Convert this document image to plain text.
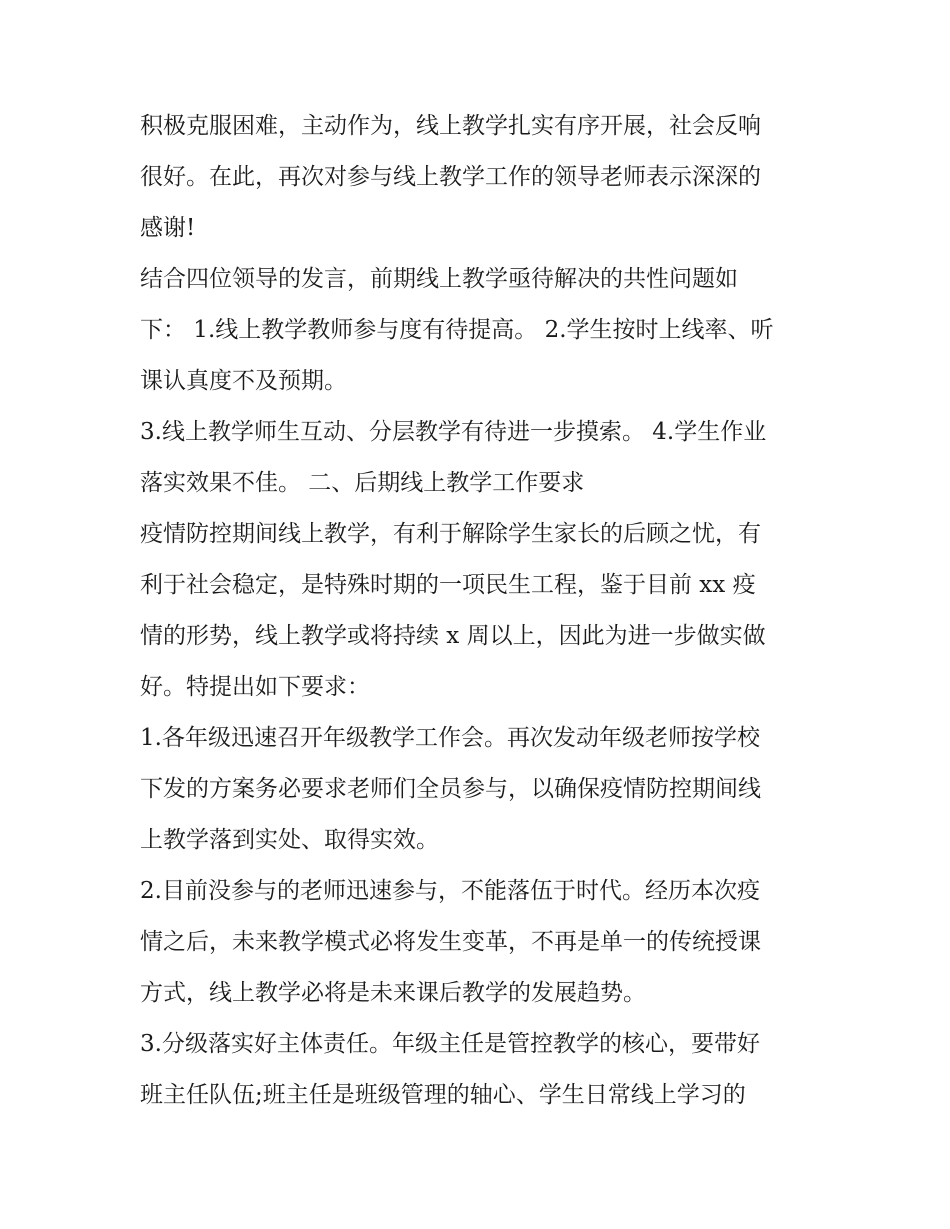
积极克服困难，主动作为，线上教学扎实有序开展，社会反响
很好。在此，再次对参与线上教学工作的领导老师表示深深的
感谢!
结合四位领导的发言，前期线上教学亟待解决的共性问题如
下： 1.线上教学教师参与度有待提高。 2.学生按时上线率、听
课认真度不及预期。
3.线上教学师生互动、分层教学有待进一步摸索。 4.学生作业
落实效果不佳。 二、后期线上教学工作要求
疫情防控期间线上教学，有利于解除学生家长的后顾之忧，有
利于社会稳定，是特殊时期的一项民生工程，鉴于目前 xx 疫
情的形势，线上教学或将持续 x 周以上，因此为进一步做实做
好。特提出如下要求：
1.各年级迅速召开年级教学工作会。再次发动年级老师按学校
下发的方案务必要求老师们全员参与，以确保疫情防控期间线
上教学落到实处、取得实效。
2.目前没参与的老师迅速参与，不能落伍于时代。经历本次疫
情之后，未来教学模式必将发生变革，不再是单一的传统授课
方式，线上教学必将是未来课后教学的发展趋势。
3.分级落实好主体责任。年级主任是管控教学的核心，要带好
班主任队伍;班主任是班级管理的轴心、学生日常线上学习的
